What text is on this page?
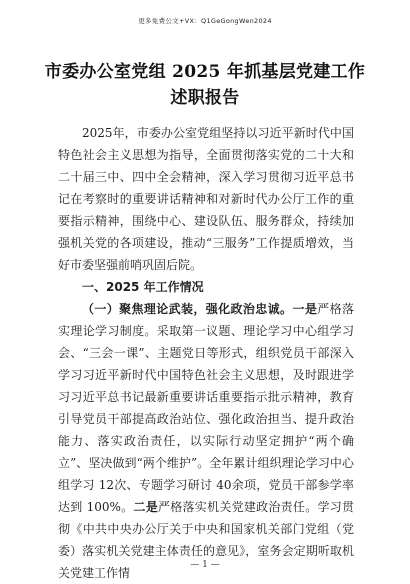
更多免费公文+VX：Q1GeGongWen2024
市委办公室党组 2025 年抓基层党建工作
述职报告

2025年，市委办公室党组坚持以习近平新时代中国特色社会主义思想为指导，全面贯彻落实党的二十大和二十届三中、四中全会精神，深入学习贯彻习近平总书记在考察时的重要讲话精神和对新时代办公厅工作的重要指示精神，围绕中心、建设队伍、服务群众，持续加强机关党的各项建设，推动“三服务”工作提质增效，当好市委坚强前哨巩固后院。

一、2025 年工作情况

（一）聚焦理论武装，强化政治忠诚。一是严格落实理论学习制度。采取第一议题、理论学习中心组学习会、“三会一课”、主题党日等形式，组织党员干部深入学习习近平新时代中国特色社会主义思想，及时跟进学习习近平总书记最新重要讲话重要指示批示精神，教育引导党员干部提高政治站位、强化政治担当、提升政治能力、落实政治责任，以实际行动坚定拥护“两个确立”、坚决做到“两个维护”。全年累计组织理论学习中心组学习 12次、专题学习研讨 40余项，党员干部参学率达到 100%。二是严格落实机关党建政治责任。学习贯彻《中共中央办公厅关于中央和国家机关部门党组（党委）落实机关党建主体责任的意见》，室务会定期听取机关党建工作情

— 1 —
